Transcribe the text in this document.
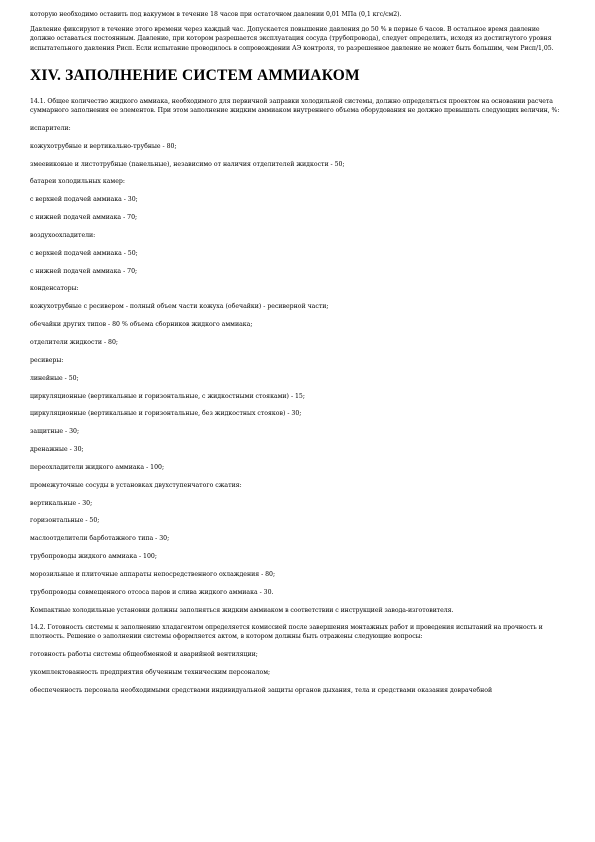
которую необходимо оставить под вакуумом в течение 18 часов при остаточном давлении 0,01 МПа (0,1 кгс/см2).

Давление фиксируют в течение этого времени через каждый час. Допускается повышение давления до 50 % в первые 6 часов. В остальное время давление должно оставаться постоянным. Давление, при котором разрешается эксплуатация сосуда (трубопровода), следует определить, исходя из достигнутого уровня испытательного давления Рисп. Если испытание проводилось в сопровождении АЭ контроля, то разрешенное давление не может быть большим, чем Рисп/1,05.

XIV. ЗАПОЛНЕНИЕ СИСТЕМ АММИАКОМ

14.1. Общее количество жидкого аммиака, необходимого для первичной заправки холодильной системы, должно определяться проектом на основании расчета суммарного заполнения ее элементов. При этом заполнение жидким аммиаком внутреннего объема оборудования не должно превышать следующих величин, %:

испарители:

кожухотрубные и вертикально-трубные - 80;

змеевиковые и листотрубные (панельные), независимо от наличия отделителей жидкости - 50;

батареи холодильных камер:

с верхней подачей аммиака - 30;

с нижней подачей аммиака - 70;

воздухоохладители:

с верхней подачей аммиака - 50;

с нижней подачей аммиака - 70;

конденсаторы:

кожухотрубные с ресивером - полный объем части кожуха (обечайки) - ресиверной части;

обечайки других типов - 80 % объема сборников жидкого аммиака;

отделители жидкости - 80;

ресиверы:

линейные - 50;

циркуляционные (вертикальные и горизонтальные, с жидкостными стояками) - 15;

циркуляционные (вертикальные и горизонтальные, без жидкостных стояков) - 30;

защитные - 30;

дренажные - 30;

переохладители жидкого аммиака - 100;

промежуточные сосуды в установках двухступенчатого сжатия:

вертикальные - 30;

горизонтальные - 50;

маслоотделители барботажного типа - 30;

трубопроводы жидкого аммиака - 100;

морозильные и плиточные аппараты непосредственного охлаждения - 80;

трубопроводы совмещенного отсоса паров и слива жидкого аммиака - 30.

Компактные холодильные установки должны заполняться жидким аммиаком в соответствии с инструкцией завода-изготовителя.

14.2. Готовность системы к заполнению хладагентом определяется комиссией после завершения монтажных работ и проведения испытаний на прочность и плотность. Решение о заполнении системы оформляется актом, в котором должны быть отражены следующие вопросы:

готовность работы системы общеобменной и аварийной вентиляции;

укомплектованность предприятия обученным техническим персоналом;

обеспеченность персонала необходимыми средствами индивидуальной защиты органов дыхания, тела и средствами оказания доврачебной
